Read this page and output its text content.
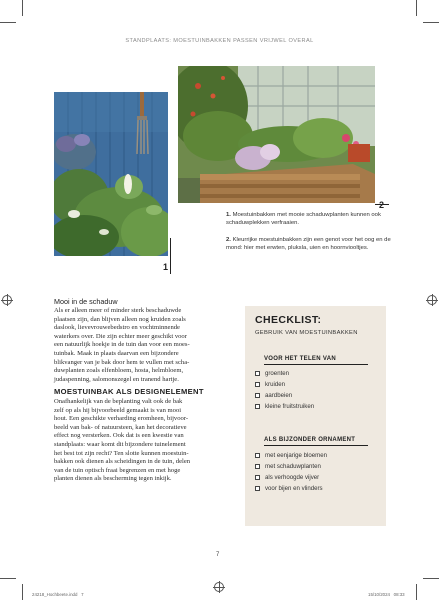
STANDPLAATS: MOESTUINBAKKEN PASSEN VRIJWEL OVERAL
1
2
1. Moestuinbakken met mooie schaduwplanten kunnen ook schaduwplekken verfraaien.
2. Kleurrijke moestuinbakken zijn een genot voor het oog en de mond: hier met erwten, pluksla, uien en hoornviooltjes.
Mooi in de schaduw
Als er alleen meer of minder sterk beschaduwde
plaatsen zijn, dan blijven alleen nog kruiden zoals
daslook, lievevrouwebedstro en vochtminnende
waterkers over. Die zijn echter meer geschikt voor
een natuurlijk hoekje in de tuin dan voor een moes-
tuinbak. Maak in plaats daarvan een bijzondere
blikvanger van je bak door hem te vullen met scha-
duwplanten zoals elfenbloem, hosta, helmbloem,
judaspenning, salomonszegel en tranend hartje.
MOESTUINBAK ALS DESIGNELEMENT
Onafhankelijk van de beplanting valt ook de bak
zelf op als hij bijvoorbeeld gemaakt is van mooi
hout. Een geschikte verharding eromheen, bijvoor-
beeld van bak- of natuursteen, kan het decoratieve
effect nog versterken. Ook dat is een kwestie van
standplaats: waar komt dit bijzondere tuinelement
het best tot zijn recht? Ten slotte kunnen moestuin-
bakken ook dienen als scheidingen in de tuin, delen
van de tuin optisch fraai begrenzen en met hoge
planten dienen als bescherming tegen inkijk.
CHECKLIST:
GEBRUIK VAN MOESTUINBAKKEN
VOOR HET TELEN VAN
groenten
kruiden
aardbeien
kleine fruitstruiken
ALS BIJZONDER ORNAMENT
met eenjarige bloemen
met schaduwplanten
als verhoogde vijver
voor bijen en vlinders
7
24218_Hochbeete.indd   7	15/10/2024   08:33
